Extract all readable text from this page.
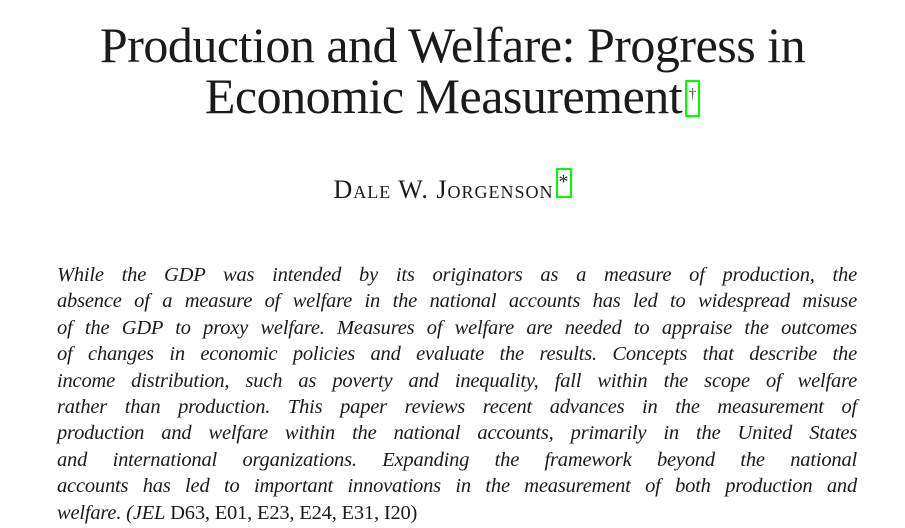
Production and Welfare: Progress in
Economic Measurement †
Dale W. Jorgenson *
While the GDP was intended by its originators as a measure of production, the
absence of a measure of welfare in the national accounts has led to widespread misuse
of the GDP to proxy welfare. Measures of welfare are needed to appraise the outcomes
of changes in economic policies and evaluate the results. Concepts that describe the
income distribution, such as poverty and inequality, fall within the scope of welfare
rather than production. This paper reviews recent advances in the measurement of
production and welfare within the national accounts, primarily in the United States
and international organizations. Expanding the framework beyond the national
accounts has led to important innovations in the measurement of both production and
welfare. (JEL D63, E01, E23, E24, E31, I20)
